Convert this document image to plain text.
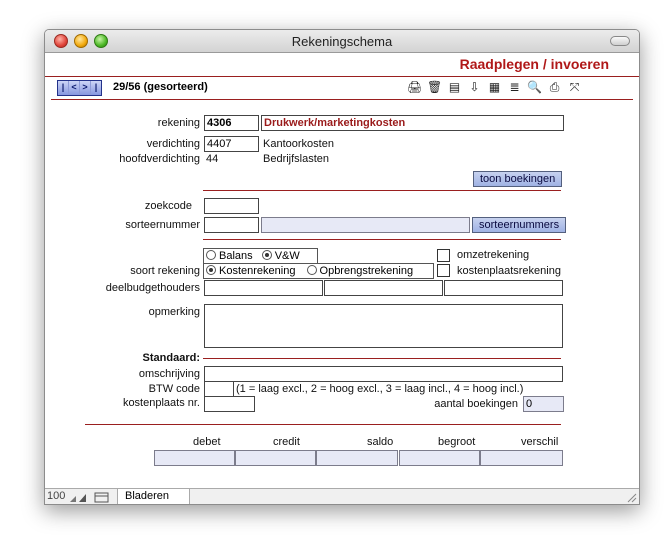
Rekeningschema
Raadplegen / invoeren
| < > |	29/56 (gesorteerd)	🖨 🗑 ▤ ⇩ ▦ ≣ 🔍 ⎙ ⤧
rekening 4306	Drukwerk/marketingkosten
verdichting 4407	Kantoorkosten
hoofdverdichting 44	Bedrijfslasten
toon boekingen
zoekcode
sorteernummer	sorteernummers
Balans V&W	omzetrekening
soort rekening	Kostenrekening Opbrengstrekening	kostenplaatsrekening
deelbudgethouders
opmerking
Standaard:
omschrijving
BTW code	(1 = laag excl., 2 = hoog excl., 3 = laag incl., 4 = hoog incl.)
kostenplaats nr.	aantal boekingen 0
debet	credit	saldo	begroot	verschil
100	Bladeren
